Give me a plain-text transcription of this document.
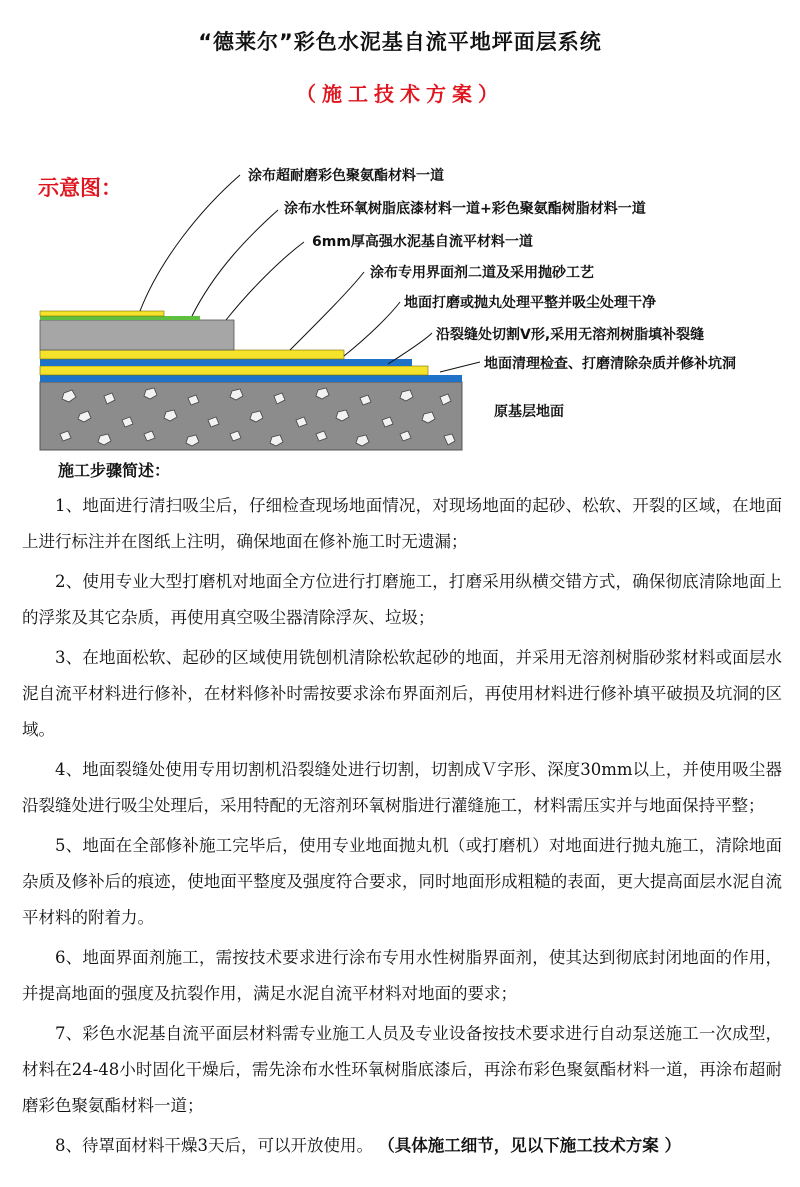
“德莱尔”彩色水泥基自流平地坪面层系统
（施工技术方案）
示意图：	涂布超耐磨彩色聚氨酯材料一道
涂布水性环氧树脂底漆材料一道+彩色聚氨酯树脂材料一道
6mm厚高强水泥基自流平材料一道
涂布专用界面剂二道及采用抛砂工艺
地面打磨或抛丸处理平整并吸尘处理干净
沿裂缝处切割V形,采用无溶剂树脂填补裂缝
地面清理检查、打磨清除杂质并修补坑洞
原基层地面
施工步骤简述：
1、地面进行清扫吸尘后，仔细检查现场地面情况，对现场地面的起砂、松软、开裂的区域，在地面上进行标注并在图纸上注明，确保地面在修补施工时无遗漏；
2、使用专业大型打磨机对地面全方位进行打磨施工，打磨采用纵横交错方式，确保彻底清除地面上的浮浆及其它杂质，再使用真空吸尘器清除浮灰、垃圾；
3、在地面松软、起砂的区域使用铣刨机清除松软起砂的地面，并采用无溶剂树脂砂浆材料或面层水泥自流平材料进行修补，在材料修补时需按要求涂布界面剂后，再使用材料进行修补填平破损及坑洞的区域。
4、地面裂缝处使用专用切割机沿裂缝处进行切割，切割成Ｖ字形、深度30mm以上，并使用吸尘器沿裂缝处进行吸尘处理后，采用特配的无溶剂环氧树脂进行灌缝施工，材料需压实并与地面保持平整；
5、地面在全部修补施工完毕后，使用专业地面抛丸机（或打磨机）对地面进行抛丸施工，清除地面杂质及修补后的痕迹，使地面平整度及强度符合要求，同时地面形成粗糙的表面，更大提高面层水泥自流平材料的附着力。
6、地面界面剂施工，需按技术要求进行涂布专用水性树脂界面剂，使其达到彻底封闭地面的作用，并提高地面的强度及抗裂作用，满足水泥自流平材料对地面的要求；
7、彩色水泥基自流平面层材料需专业施工人员及专业设备按技术要求进行自动泵送施工一次成型，材料在24-48小时固化干燥后，需先涂布水性环氧树脂底漆后，再涂布彩色聚氨酯材料一道，再涂布超耐磨彩色聚氨酯材料一道；
8、待罩面材料干燥3天后，可以开放使用。 （具体施工细节，见以下施工技术方案 ）
